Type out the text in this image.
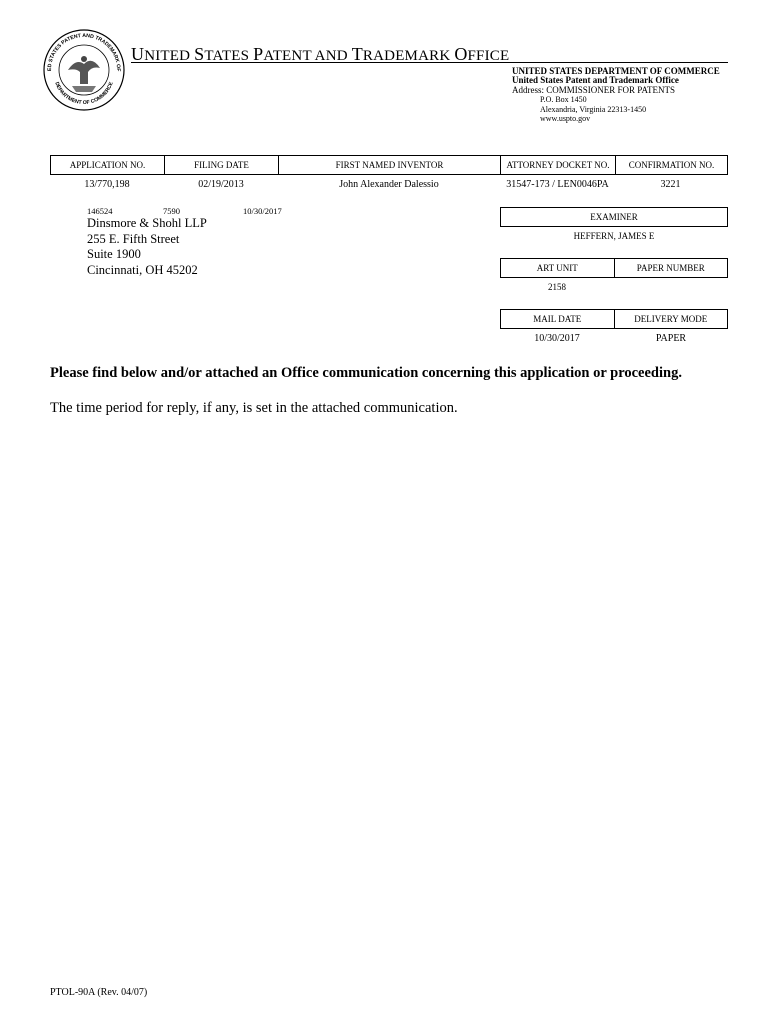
ED STATES PATENT AND TRADEMARK OF
DEPARTMENT OF COMMERCE
UNITED STATES PATENT AND TRADEMARK OFFICE
UNITED STATES DEPARTMENT OF COMMERCE
United States Patent and Trademark Office
Address: COMMISSIONER FOR PATENTS
P.O. Box 1450
Alexandria, Virginia 22313-1450
www.uspto.gov
APPLICATION NO.	FILING DATE	FIRST NAMED INVENTOR	ATTORNEY DOCKET NO.	CONFIRMATION NO.
13/770,198	02/19/2013	John Alexander Dalessio	31547-173 / LEN0046PA	3221
146524	7590	10/30/2017
Dinsmore & Shohl LLP
255 E. Fifth Street
Suite 1900
Cincinnati, OH 45202
EXAMINER
HEFFERN, JAMES E
ART UNIT	PAPER NUMBER
2158
MAIL DATE	DELIVERY MODE
10/30/2017	PAPER
Please find below and/or attached an Office communication concerning this application or proceeding.
The time period for reply, if any, is set in the attached communication.
PTOL-90A (Rev. 04/07)
